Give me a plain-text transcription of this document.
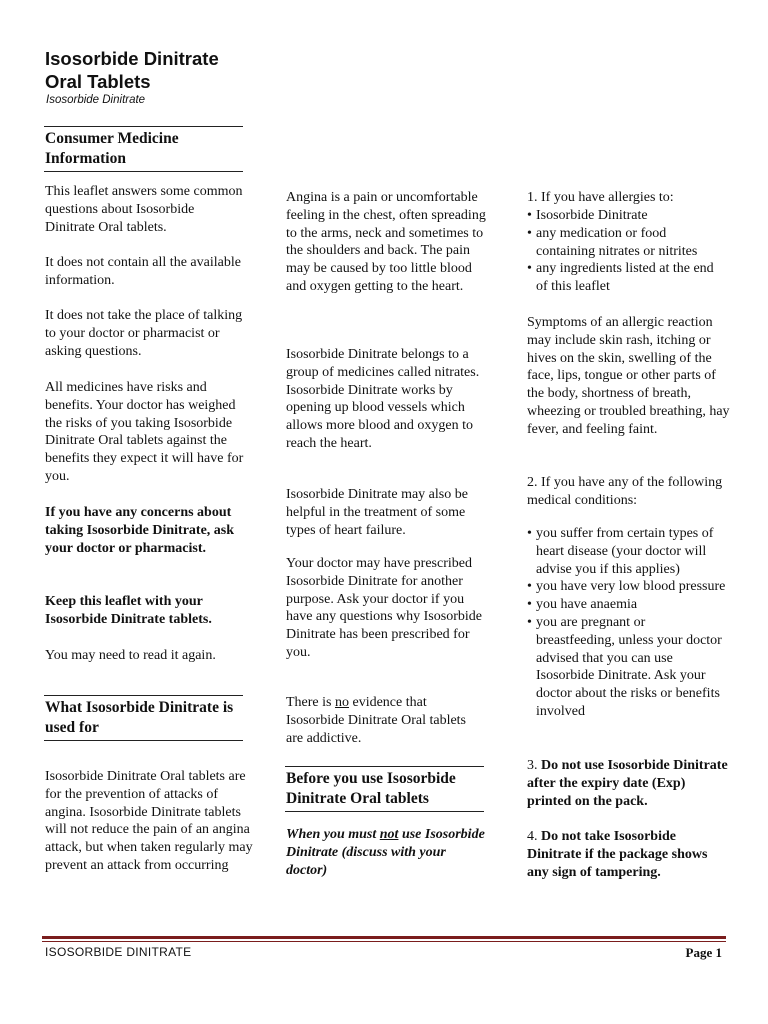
Isosorbide Dinitrate
Oral Tablets

Isosorbide Dinitrate

Consumer Medicine Information

This leaflet answers some common questions about Isosorbide Dinitrate Oral tablets.

It does not contain all the available information.

It does not take the place of talking to your doctor or pharmacist or asking questions.

All medicines have risks and benefits. Your doctor has weighed the risks of you taking Isosorbide Dinitrate Oral tablets against the benefits they expect it will have for you.

If you have any concerns about taking Isosorbide Dinitrate, ask your doctor or pharmacist.

Keep this leaflet with your Isosorbide Dinitrate tablets.

You may need to read it again.

What Isosorbide Dinitrate is used for

Isosorbide Dinitrate Oral tablets are for the prevention of attacks of angina. Isosorbide Dinitrate tablets will not reduce the pain of an angina attack, but when taken regularly may prevent an attack from occurring

Angina is a pain or uncomfortable feeling in the chest, often spreading to the arms, neck and sometimes to the shoulders and back. The pain may be caused by too little blood and oxygen getting to the heart.

Isosorbide Dinitrate belongs to a group of medicines called nitrates. Isosorbide Dinitrate works by opening up blood vessels which allows more blood and oxygen to reach the heart.

Isosorbide Dinitrate may also be helpful in the treatment of some types of heart failure.

Your doctor may have prescribed Isosorbide Dinitrate for another purpose. Ask your doctor if you have any questions why Isosorbide Dinitrate has been prescribed for you.

There is no evidence that Isosorbide Dinitrate Oral tablets are addictive.

Before you use Isosorbide Dinitrate Oral tablets

When you must not use Isosorbide Dinitrate (discuss with your doctor)

1. If you have allergies to:

• Isosorbide Dinitrate
• any medication or food containing nitrates or nitrites
• any ingredients listed at the end of this leaflet

Symptoms of an allergic reaction may include skin rash, itching or hives on the skin, swelling of the face, lips, tongue or other parts of the body, shortness of breath, wheezing or troubled breathing, hay fever, and feeling faint.

2. If you have any of the following medical conditions:

• you suffer from certain types of heart disease (your doctor will advise you if this applies)
• you have very low blood pressure
• you have anaemia
• you are pregnant or breastfeeding, unless your doctor advised that you can use Isosorbide Dinitrate. Ask your doctor about the risks or benefits involved

3. Do not use Isosorbide Dinitrate after the expiry date (Exp) printed on the pack.

4. Do not take Isosorbide Dinitrate if the package shows any sign of tampering.

ISOSORBIDE DINITRATE	Page 1
